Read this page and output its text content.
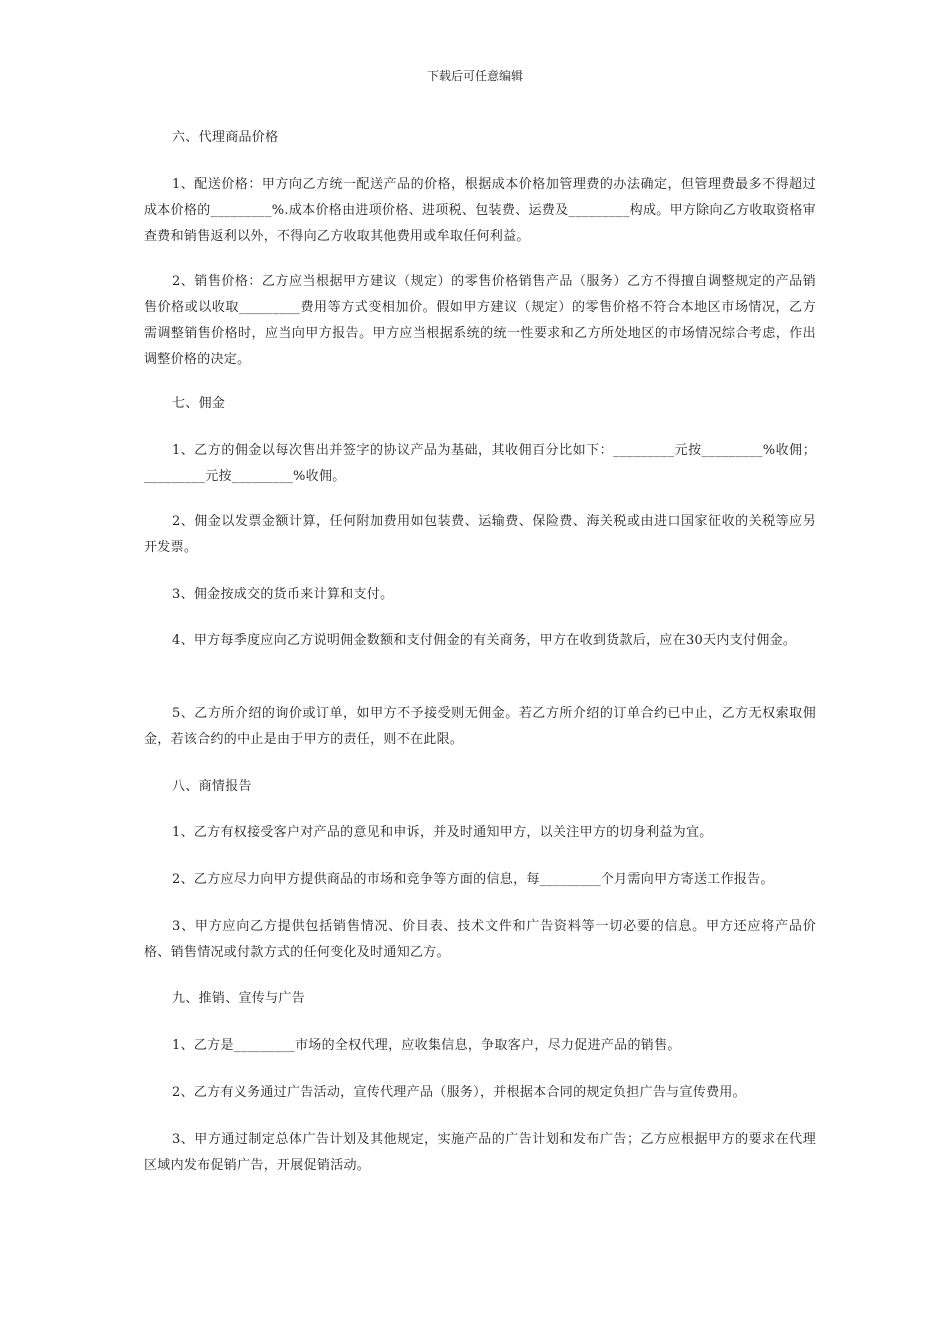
下载后可任意编辑
六、代理商品价格
1、配送价格：甲方向乙方统一配送产品的价格，根据成本价格加管理费的办法确定，但管理费最多不得超过成本价格的_________%.成本价格由进项价格、进项税、包装费、运费及_________构成。甲方除向乙方收取资格审查费和销售返利以外，不得向乙方收取其他费用或牟取任何利益。
2、销售价格：乙方应当根据甲方建议（规定）的零售价格销售产品（服务）乙方不得擅自调整规定的产品销售价格或以收取_________费用等方式变相加价。假如甲方建议（规定）的零售价格不符合本地区市场情况，乙方需调整销售价格时，应当向甲方报告。甲方应当根据系统的统一性要求和乙方所处地区的市场情况综合考虑，作出调整价格的决定。
七、佣金
1、乙方的佣金以每次售出并签字的协议产品为基础，其收佣百分比如下：_________元按_________%收佣；_________元按_________%收佣。
2、佣金以发票金额计算，任何附加费用如包装费、运输费、保险费、海关税或由进口国家征收的关税等应另开发票。
3、佣金按成交的货币来计算和支付。
4、甲方每季度应向乙方说明佣金数额和支付佣金的有关商务，甲方在收到货款后，应在30天内支付佣金。
5、乙方所介绍的询价或订单，如甲方不予接受则无佣金。若乙方所介绍的订单合约已中止，乙方无权索取佣金，若该合约的中止是由于甲方的责任，则不在此限。
八、商情报告
1、乙方有权接受客户对产品的意见和申诉，并及时通知甲方，以关注甲方的切身利益为宜。
2、乙方应尽力向甲方提供商品的市场和竞争等方面的信息，每_________个月需向甲方寄送工作报告。
3、甲方应向乙方提供包括销售情况、价目表、技术文件和广告资料等一切必要的信息。甲方还应将产品价格、销售情况或付款方式的任何变化及时通知乙方。
九、推销、宣传与广告
1、乙方是_________市场的全权代理，应收集信息，争取客户，尽力促进产品的销售。
2、乙方有义务通过广告活动，宣传代理产品（服务），并根据本合同的规定负担广告与宣传费用。
3、甲方通过制定总体广告计划及其他规定，实施产品的广告计划和发布广告；乙方应根据甲方的要求在代理区域内发布促销广告，开展促销活动。
